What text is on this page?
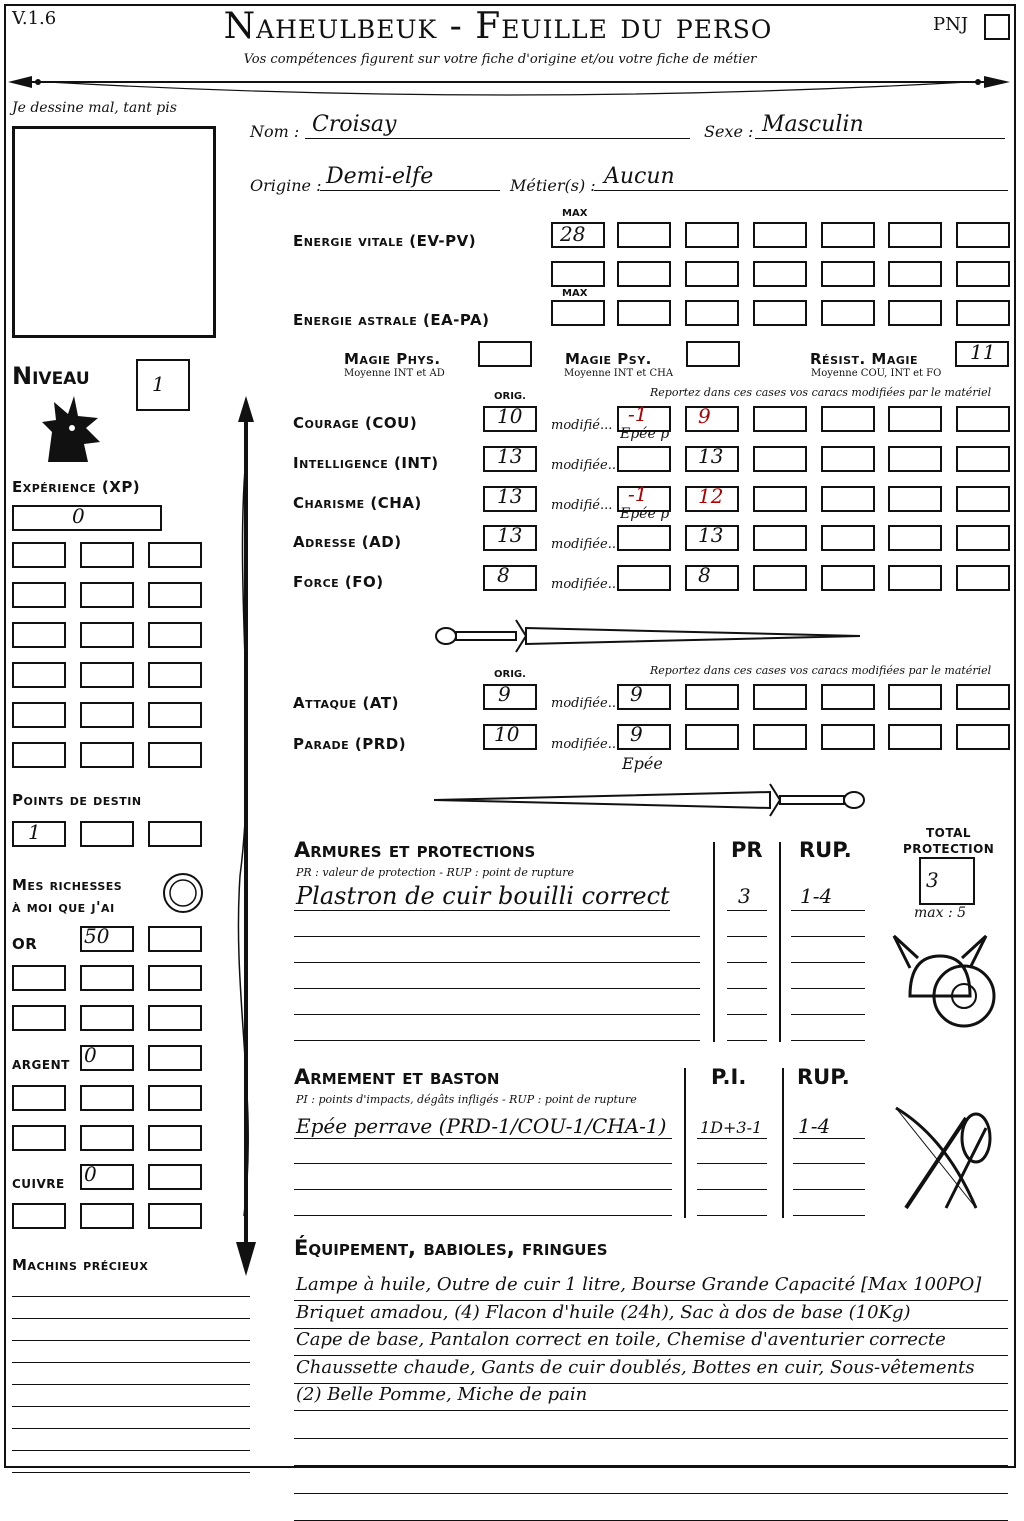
V.1.6	Naheulbeuk - Feuille du perso	PNJ
Vos compétences figurent sur votre fiche d'origine et/ou votre fiche de métier
Je dessine mal, tant pis
Nom : Croisay	Sexe : Masculin
Origine : Demi-elfe	Métier(s) : Aucun
MAX
Energie vitale (EV-PV)	28
MAX
Energie astrale (EA-PA)
Magie Phys.
Moyenne INT et AD
Magie Psy.
Moyenne INT et CHA
Résist. Magie
Moyenne COU, INT et FO
11
Niveau	1
Expérience (XP)
0
Points de destin
1
Mes richesses
à moi que j'ai
OR 50
ARGENT 0
CUIVRE 0
Machins précieux
ORIG.	Reportez dans ces cases vos caracs modifiées par le matériel
ORIG.	Reportez dans ces cases vos caracs modifiées par le matériel
Attaque (AT)	9	modifiée... 9
Parade (PRD)	10 modifiée... 9
Epée
Armures et protections
PR : valeur de protection - RUP : point de rupture
PR RUP.
Plastron de cuir bouilli correct	3 1-4
TOTAL
PROTECTION
3
max : 5
Armement et baston
PI : points d'impacts, dégâts infligés - RUP : point de rupture
P.I. RUP.
Epée perrave (PRD-1/COU-1/CHA-1) 1D+3-1 1-4
Équipement, babioles, fringues
Courage (COU)	10 modifié... -1	9
Epée p
Intelligence (INT)	13 modifiée...	13
Charisme (CHA)	13 modifié... -1	12
Epée p
Adresse (AD)	13 modifiée...	13
Force (FO)	8	modifiée...	8
Lampe à huile, Outre de cuir 1 litre, Bourse Grande Capacité [Max 100PO]
Briquet amadou, (4) Flacon d'huile (24h), Sac à dos de base (10Kg)
Cape de base, Pantalon correct en toile, Chemise d'aventurier correcte
Chaussette chaude, Gants de cuir doublés, Bottes en cuir, Sous-vêtements
(2) Belle Pomme, Miche de pain
